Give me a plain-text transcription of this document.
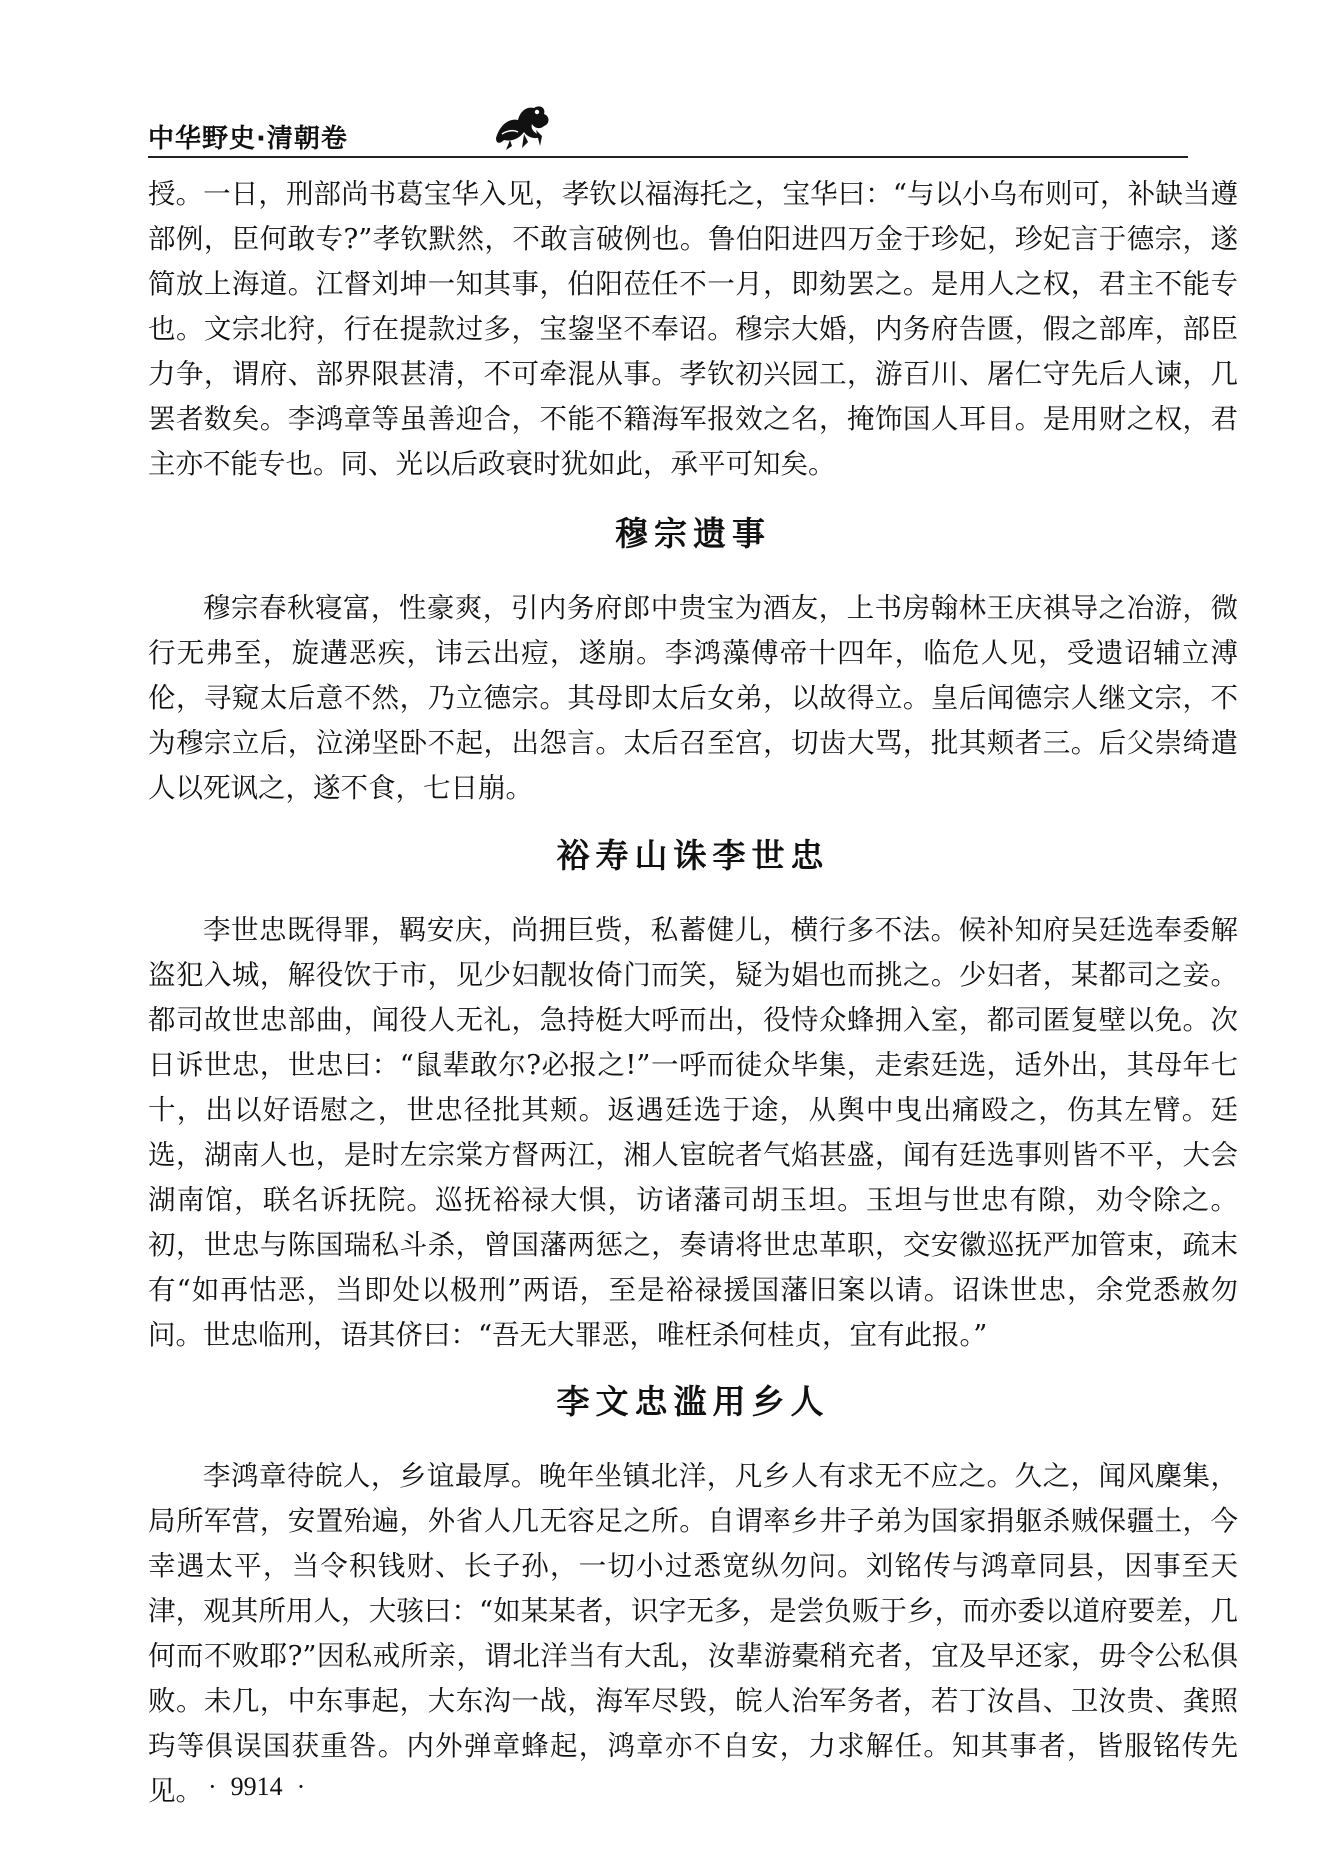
中华野史·清朝卷

授。一日，刑部尚书葛宝华入见，孝钦以福海托之，宝华曰：“与以小乌布则可，补缺当遵部例，臣何敢专?”孝钦默然，不敢言破例也。鲁伯阳进四万金于珍妃，珍妃言于德宗，遂简放上海道。江督刘坤一知其事，伯阳莅任不一月，即劾罢之。是用人之权，君主不能专也。文宗北狩，行在提款过多，宝鋆坚不奉诏。穆宗大婚，内务府告匮，假之部库，部臣力争，谓府、部界限甚清，不可牵混从事。孝钦初兴园工，游百川、屠仁守先后人谏，几罢者数矣。李鸿章等虽善迎合，不能不籍海军报效之名，掩饰国人耳目。是用财之权，君主亦不能专也。同、光以后政衰时犹如此，承平可知矣。

穆宗遗事

穆宗春秋寝富，性豪爽，引内务府郎中贵宝为酒友，上书房翰林王庆祺导之冶游，微行无弗至，旋遘恶疾，讳云出痘，遂崩。李鸿藻傅帝十四年，临危人见，受遗诏辅立溥伦，寻窥太后意不然，乃立德宗。其母即太后女弟，以故得立。皇后闻德宗人继文宗，不为穆宗立后，泣涕坚卧不起，出怨言。太后召至宫，切齿大骂，批其颊者三。后父崇绮遣人以死讽之，遂不食，七日崩。

裕寿山诛李世忠

李世忠既得罪，羁安庆，尚拥巨赀，私蓄健儿，横行多不法。候补知府吴廷选奉委解盗犯入城，解役饮于市，见少妇靓妆倚门而笑，疑为娼也而挑之。少妇者，某都司之妾。都司故世忠部曲，闻役人无礼，急持梃大呼而出，役恃众蜂拥入室，都司匿复壁以免。次日诉世忠，世忠曰：“鼠辈敢尔?必报之!”一呼而徒众毕集，走索廷选，适外出，其母年七十，出以好语慰之，世忠径批其颊。返遇廷选于途，从舆中曳出痛殴之，伤其左臂。廷选，湖南人也，是时左宗棠方督两江，湘人宦皖者气焰甚盛，闻有廷选事则皆不平，大会湖南馆，联名诉抚院。巡抚裕禄大惧，访诸藩司胡玉坦。玉坦与世忠有隙，劝令除之。初，世忠与陈国瑞私斗杀，曾国藩两惩之，奏请将世忠革职，交安徽巡抚严加管束，疏末有“如再怙恶，当即处以极刑”两语，至是裕禄援国藩旧案以请。诏诛世忠，余党悉赦勿问。世忠临刑，语其侪曰：“吾无大罪恶，唯枉杀何桂贞，宜有此报。”

李文忠滥用乡人

李鸿章待皖人，乡谊最厚。晚年坐镇北洋，凡乡人有求无不应之。久之，闻风麇集，局所军营，安置殆遍，外省人几无容足之所。自谓率乡井子弟为国家捐躯杀贼保疆土，今幸遇太平，当令积钱财、长子孙，一切小过悉宽纵勿问。刘铭传与鸿章同县，因事至天津，观其所用人，大骇曰：“如某某者，识字无多，是尝负贩于乡，而亦委以道府要差，几何而不败耶?”因私戒所亲，谓北洋当有大乱，汝辈游橐稍充者，宜及早还家，毋令公私俱败。未几，中东事起，大东沟一战，海军尽毁，皖人治军务者，若丁汝昌、卫汝贵、龚照玙等俱误国获重咎。内外弹章蜂起，鸿章亦不自安，力求解任。知其事者，皆服铭传先见。 · 9914 ·
